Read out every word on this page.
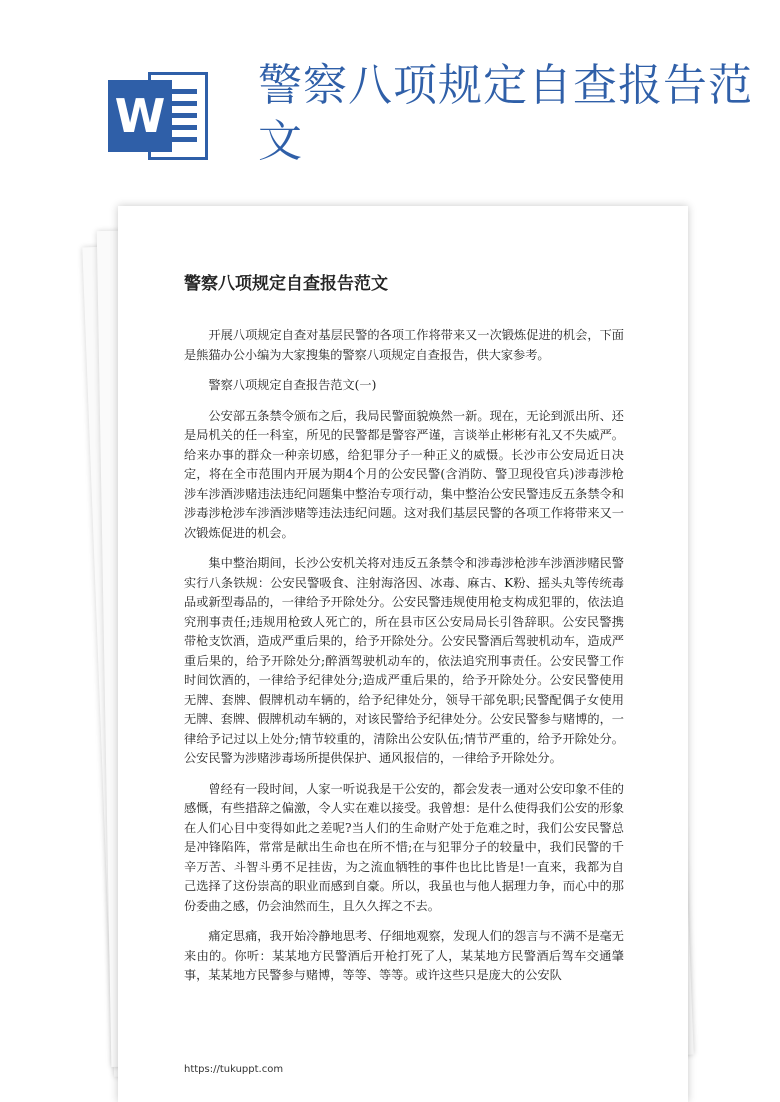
W
警察八项规定自查报告范文
警察八项规定自查报告范文

开展八项规定自查对基层民警的各项工作将带来又一次锻炼促进的机会，下面是熊猫办公小编为大家搜集的警察八项规定自查报告，供大家参考。

警察八项规定自查报告范文(一)

公安部五条禁令颁布之后，我局民警面貌焕然一新。现在，无论到派出所、还是局机关的任一科室，所见的民警都是警容严谨，言谈举止彬彬有礼又不失威严。给来办事的群众一种亲切感，给犯罪分子一种正义的威慑。长沙市公安局近日决定，将在全市范围内开展为期4个月的公安民警(含消防、警卫现役官兵)涉毒涉枪涉车涉酒涉赌违法违纪问题集中整治专项行动，集中整治公安民警违反五条禁令和涉毒涉枪涉车涉酒涉赌等违法违纪问题。这对我们基层民警的各项工作将带来又一次锻炼促进的机会。

集中整治期间，长沙公安机关将对违反五条禁令和涉毒涉枪涉车涉酒涉赌民警实行八条铁规：公安民警吸食、注射海洛因、冰毒、麻古、K粉、摇头丸等传统毒品或新型毒品的，一律给予开除处分。公安民警违规使用枪支构成犯罪的，依法追究刑事责任;违规用枪致人死亡的，所在县市区公安局局长引咎辞职。公安民警携带枪支饮酒，造成严重后果的，给予开除处分。公安民警酒后驾驶机动车，造成严重后果的，给予开除处分;醉酒驾驶机动车的，依法追究刑事责任。公安民警工作时间饮酒的，一律给予纪律处分;造成严重后果的，给予开除处分。公安民警使用无牌、套牌、假牌机动车辆的，给予纪律处分，领导干部免职;民警配偶子女使用无牌、套牌、假牌机动车辆的，对该民警给予纪律处分。公安民警参与赌博的，一律给予记过以上处分;情节较重的，清除出公安队伍;情节严重的，给予开除处分。公安民警为涉赌涉毒场所提供保护、通风报信的，一律给予开除处分。

曾经有一段时间，人家一听说我是干公安的，都会发表一通对公安印象不佳的感慨，有些措辞之偏激，令人实在难以接受。我曾想：是什么使得我们公安的形象在人们心目中变得如此之差呢?当人们的生命财产处于危难之时，我们公安民警总是冲锋陷阵，常常是献出生命也在所不惜;在与犯罪分子的较量中，我们民警的千辛万苦、斗智斗勇不足挂齿，为之流血牺牲的事件也比比皆是!一直来，我都为自己选择了这份崇高的职业而感到自豪。所以，我虽也与他人据理力争，而心中的那份委曲之感，仍会油然而生，且久久挥之不去。

痛定思痛，我开始冷静地思考、仔细地观察，发现人们的怨言与不满不是毫无来由的。你听：某某地方民警酒后开枪打死了人，某某地方民警酒后驾车交通肇事，某某地方民警参与赌博，等等、等等。或许这些只是庞大的公安队

https://tukuppt.com
